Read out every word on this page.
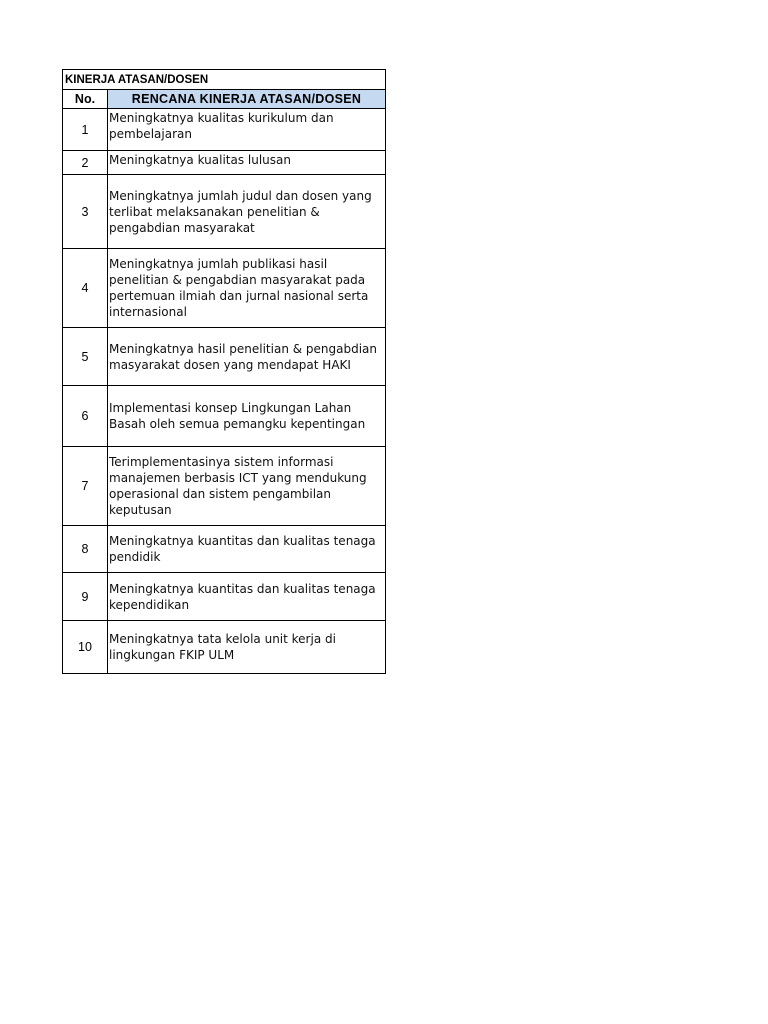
KINERJA ATASAN/DOSEN	
No.	RENCANA KINERJA ATASAN/DOSEN
1	Meningkatnya kualitas kurikulum dan pembelajaran
2	Meningkatnya kualitas lulusan
3	Meningkatnya jumlah judul dan dosen yang terlibat melaksanakan penelitian & pengabdian masyarakat
4	Meningkatnya jumlah publikasi hasil penelitian & pengabdian masyarakat pada pertemuan ilmiah dan jurnal nasional serta internasional
5	Meningkatnya hasil penelitian & pengabdian masyarakat dosen yang mendapat HAKI
6	Implementasi konsep Lingkungan Lahan Basah oleh semua pemangku kepentingan
7	Terimplementasinya sistem informasi manajemen berbasis ICT yang mendukung operasional dan sistem pengambilan keputusan
8	Meningkatnya kuantitas dan kualitas tenaga pendidik
9	Meningkatnya kuantitas dan kualitas tenaga kependidikan
10	Meningkatnya tata kelola unit kerja di lingkungan FKIP ULM
